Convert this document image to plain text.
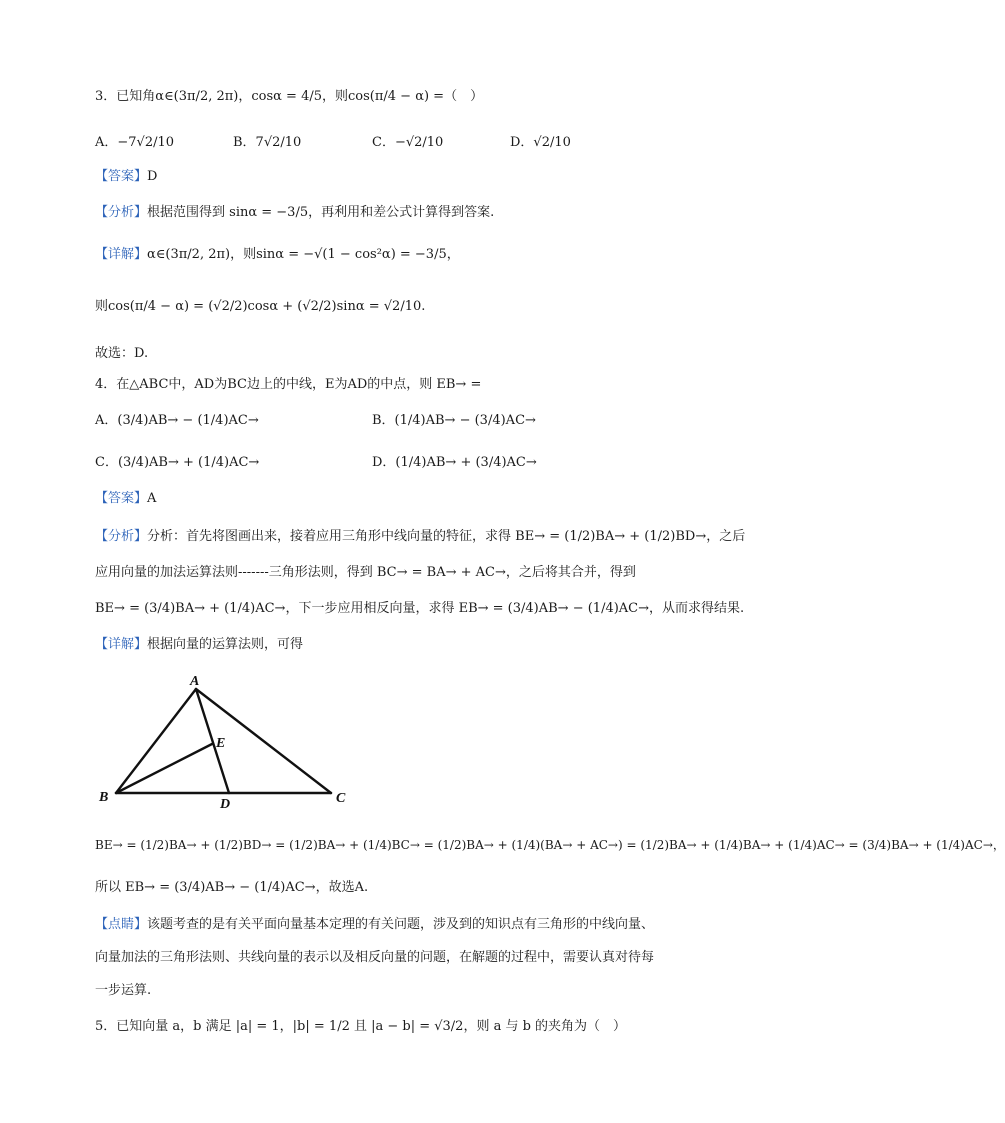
3．已知角α∈(3π/2, 2π)，cosα = 4/5，则cos(π/4 − α) =（　）
A．−7√2/10	B．7√2/10	C．−√2/10	D．√2/10
【答案】D
【分析】根据范围得到 sinα = −3/5，再利用和差公式计算得到答案.
【详解】α∈(3π/2, 2π)，则sinα = −√(1 − cos²α) = −3/5，
则cos(π/4 − α) = (√2/2)cosα + (√2/2)sinα = √2/10.
故选：D.
4．在△ABC中，AD为BC边上的中线，E为AD的中点，则 EB→ =
A．(3/4)AB→ − (1/4)AC→	B．(1/4)AB→ − (3/4)AC→
C．(3/4)AB→ + (1/4)AC→	D．(1/4)AB→ + (3/4)AC→
【答案】A
【分析】分析：首先将图画出来，接着应用三角形中线向量的特征，求得 BE→ = (1/2)BA→ + (1/2)BD→，之后
应用向量的加法运算法则-------三角形法则，得到 BC→ = BA→ + AC→，之后将其合并，得到
BE→ = (3/4)BA→ + (1/4)AC→，下一步应用相反向量，求得 EB→ = (3/4)AB→ − (1/4)AC→，从而求得结果.
【详解】根据向量的运算法则，可得
A
B	C
D
E
BE→ = (1/2)BA→ + (1/2)BD→ = (1/2)BA→ + (1/4)BC→ = (1/2)BA→ + (1/4)(BA→ + AC→) = (1/2)BA→ + (1/4)BA→ + (1/4)AC→ = (3/4)BA→ + (1/4)AC→，
所以 EB→ = (3/4)AB→ − (1/4)AC→，故选A.
【点睛】该题考查的是有关平面向量基本定理的有关问题，涉及到的知识点有三角形的中线向量、
向量加法的三角形法则、共线向量的表示以及相反向量的问题，在解题的过程中，需要认真对待每
一步运算.
5．已知向量 a，b 满足 |a| = 1，|b| = 1/2 且 |a − b| = √3/2，则 a 与 b 的夹角为（　）
